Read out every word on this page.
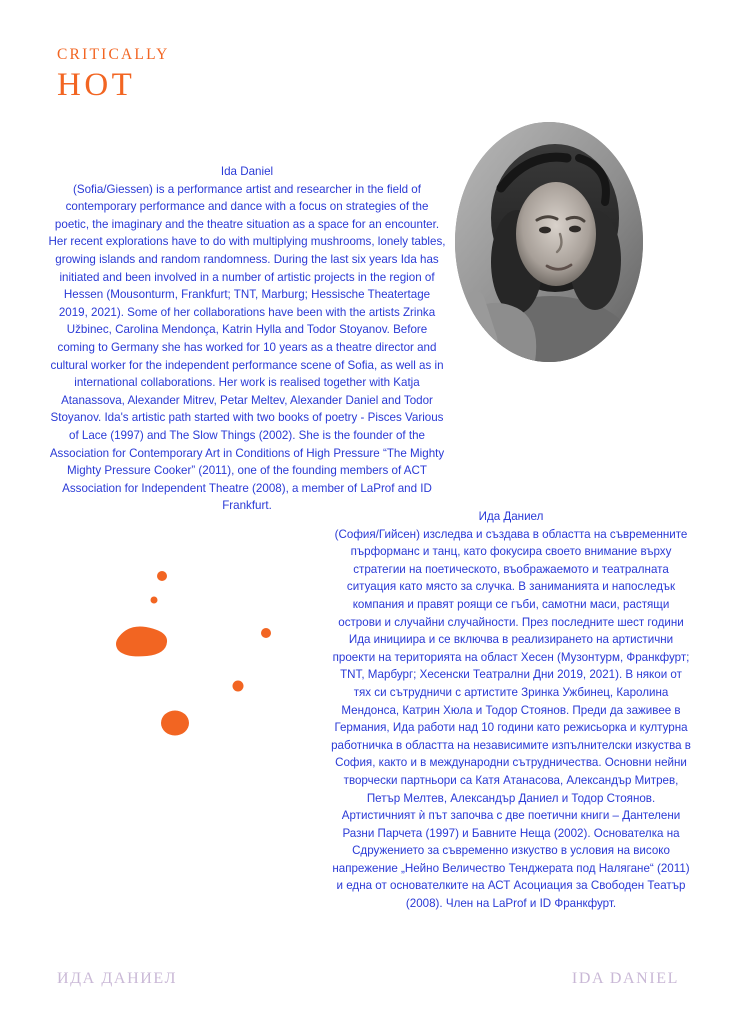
CRITICALLY
HOT
Ida Daniel
(Sofia/Giessen) is a performance artist and researcher in the field of contemporary performance and dance with a focus on strategies of the poetic, the imaginary and the theatre situation as a space for an encounter. Her recent explorations have to do with multiplying mushrooms, lonely tables, growing islands and random randomness. During the last six years Ida has initiated and been involved in a number of artistic projects in the region of Hessen (Mousonturm, Frankfurt; TNT, Marburg; Hessische Theatertage 2019, 2021). Some of her collaborations have been with the artists Zrinka Užbinec, Carolina Mendonça, Katrin Hylla and Todor Stoyanov. Before coming to Germany she has worked for 10 years as a theatre director and cultural worker for the independent performance scene of Sofia, as well as in international collaborations. Her work is realised together with Katja Atanassova, Alexander Mitrev, Petar Meltev, Alexander Daniel and Todor Stoyanov. Ida's artistic path started with two books of poetry - Pisces Various of Lace (1997) and The Slow Things (2002). She is the founder of the Association for Contemporary Art in Conditions of High Pressure “The Mighty Mighty Pressure Cooker” (2011), one of the founding members of ACT Association for Independent Theatre (2008), a member of LaProf and ID Frankfurt.
Ида Даниел
(София/Гийсен) изследва и създава в областта на съвременните пърформанс и танц, като фокусира своето внимание върху стратегии на поетическото, въображаемото и театралната ситуация като място за случка. В занимaнията и напоследък компания и правят роящи се гъби, самотни маси, растящи острови и случайни случайности. През последните шест години Ида инициира и се включва в реализирането на артистични проекти на територията на област Хесен (Музонтурм, Франкфурт; TNT, Марбург; Хесенски Театрални Дни 2019, 2021). В някои от тях си сътрудничи с артистите Зринка Ужбинец, Каролина Мендонса, Катрин Хюла и Тодор Стоянов. Преди да заживее в Германия, Ида работи над 10 години като режисьорка и културна работничка в областта на независимите изпълнителски изкуства в София, както и в международни сътрудничества. Основни нейни творчески партньори са Катя Атанасова, Александър Митрев, Петър Мелтев, Александър Даниел и Тодор Стоянов. Артистичният ѝ път започва с две поетични книги – Дантелени Разни Парчета (1997) и Бавните Неща (2002). Основателка на Сдружението за съвременно изкуство в условия на високо напрежение „Нейно Величество Тенджерата под Налягане“ (2011) и една от основателките на АСТ Асоциация за Свободен Театър (2008). Член на LaProf и ID Франкфурт.
ИДА ДАНИЕЛ	IDA DANIEL
